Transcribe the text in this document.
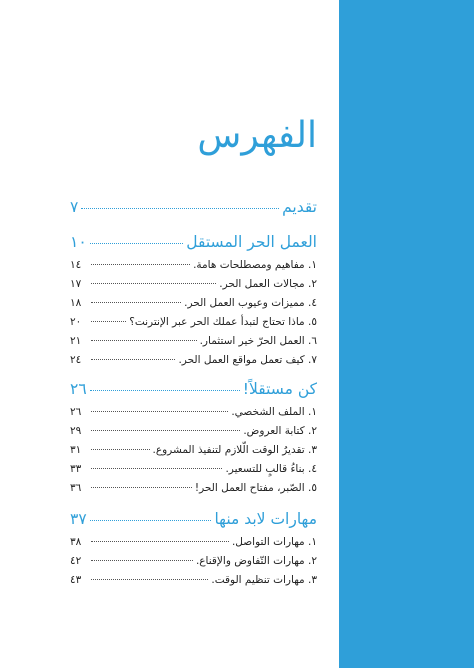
الفهرس
تقديم
٧
العمل الحر المستقل
١٠
١. مفاهيم ومصطلحات هامة.
١٤
٢. مجالات العمل الحر.
١٧
٤. مميزات وعيوب العمل الحر.
١٨
٥. ماذا تحتاج لتبدأ عملك الحر عبر الإنترنت؟
٢٠
٦. العمل الحرّ خير استثمار.
٢١
٧. كيف تعمل مواقع العمل الحر.
٢٤
كن مستقلاً!
٢٦
١. الملف الشخصي.
٢٦
٢. كتابة العروض.
٢٩
٣. تقديرُ الوقت الّلازم لتنفيذ المشروع.
٣١
٤. بناءُ قالبٍ للتسعير.
٣٣
٥. الصّبر، مفتاح العمل الحر!
٣٦
مهارات لابد منها
٣٧
١. مهارات التواصل.
٣٨
٢. مهارات التّفاوض والإقناع.
٤٢
٣. مهارات تنظيم الوقت.
٤٣
